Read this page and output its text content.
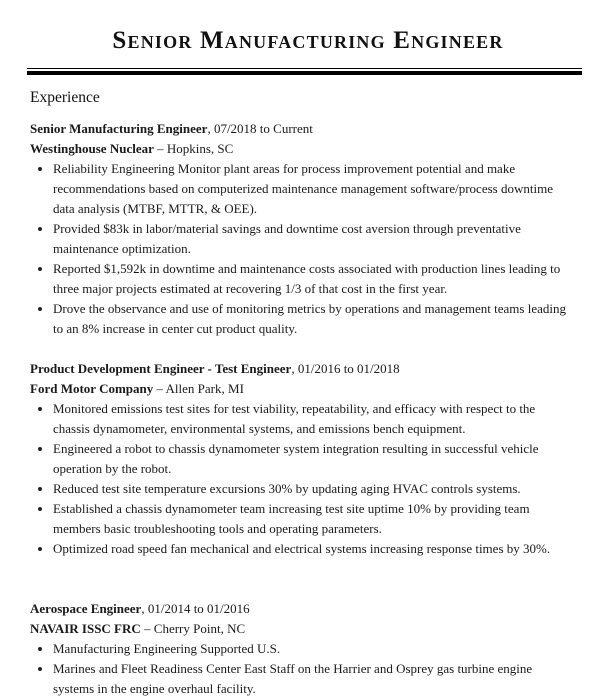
Senior Manufacturing Engineer
Experience

Senior Manufacturing Engineer, 07/2018 to Current

Westinghouse Nuclear – Hopkins, SC

Reliability Engineering Monitor plant areas for process improvement potential and make recommendations based on computerized maintenance management software/process downtime data analysis (MTBF, MTTR, & OEE).
Provided $83k in labor/material savings and downtime cost aversion through preventative maintenance optimization.
Reported $1,592k in downtime and maintenance costs associated with production lines leading to three major projects estimated at recovering 1/3 of that cost in the first year.
Drove the observance and use of monitoring metrics by operations and management teams leading to an 8% increase in center cut product quality.

Product Development Engineer - Test Engineer, 01/2016 to 01/2018

Ford Motor Company – Allen Park, MI

Monitored emissions test sites for test viability, repeatability, and efficacy with respect to the chassis dynamometer, environmental systems, and emissions bench equipment.
Engineered a robot to chassis dynamometer system integration resulting in successful vehicle operation by the robot.
Reduced test site temperature excursions 30% by updating aging HVAC controls systems.
Established a chassis dynamometer team increasing test site uptime 10% by providing team members basic troubleshooting tools and operating parameters.
Optimized road speed fan mechanical and electrical systems increasing response times by 30%.

Aerospace Engineer, 01/2014 to 01/2016

NAVAIR ISSC FRC – Cherry Point, NC

Manufacturing Engineering Supported U.S.
Marines and Fleet Readiness Center East Staff on the Harrier and Osprey gas turbine engine systems in the engine overhaul facility.
